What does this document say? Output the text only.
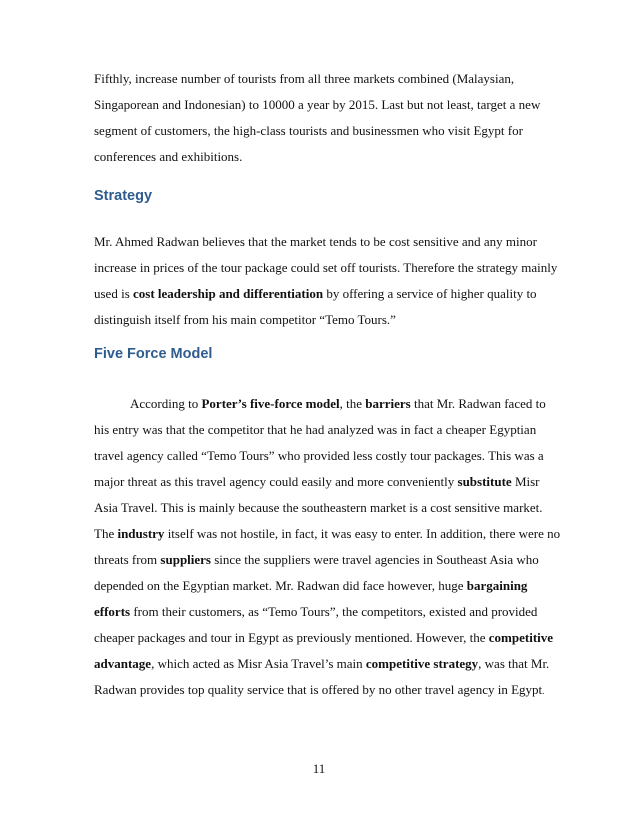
Fifthly, increase number of tourists from all three markets combined (Malaysian,
Singaporean and Indonesian) to 10000 a year by 2015. Last but not least, target a new
segment of customers, the high-class tourists and businessmen who visit Egypt for
conferences and exhibitions.
Strategy
Mr. Ahmed Radwan believes that the market tends to be cost sensitive and any minor
increase in prices of the tour package could set off tourists. Therefore the strategy mainly
used is cost leadership and differentiation by offering a service of higher quality to
distinguish itself from his main competitor “Temo Tours.”
Five Force Model
According to Porter’s five-force model, the barriers that Mr. Radwan faced to
his entry was that the competitor that he had analyzed was in fact a cheaper Egyptian
travel agency called “Temo Tours” who provided less costly tour packages. This was a
major threat as this travel agency could easily and more conveniently substitute Misr
Asia Travel. This is mainly because the southeastern market is a cost sensitive market.
The industry itself was not hostile, in fact, it was easy to enter. In addition, there were no
threats from suppliers since the suppliers were travel agencies in Southeast Asia who
depended on the Egyptian market. Mr. Radwan did face however, huge bargaining
efforts from their customers, as “Temo Tours”, the competitors, existed and provided
cheaper packages and tour in Egypt as previously mentioned. However, the competitive
advantage, which acted as Misr Asia Travel’s main competitive strategy, was that Mr.
Radwan provides top quality service that is offered by no other travel agency in Egypt.
11
